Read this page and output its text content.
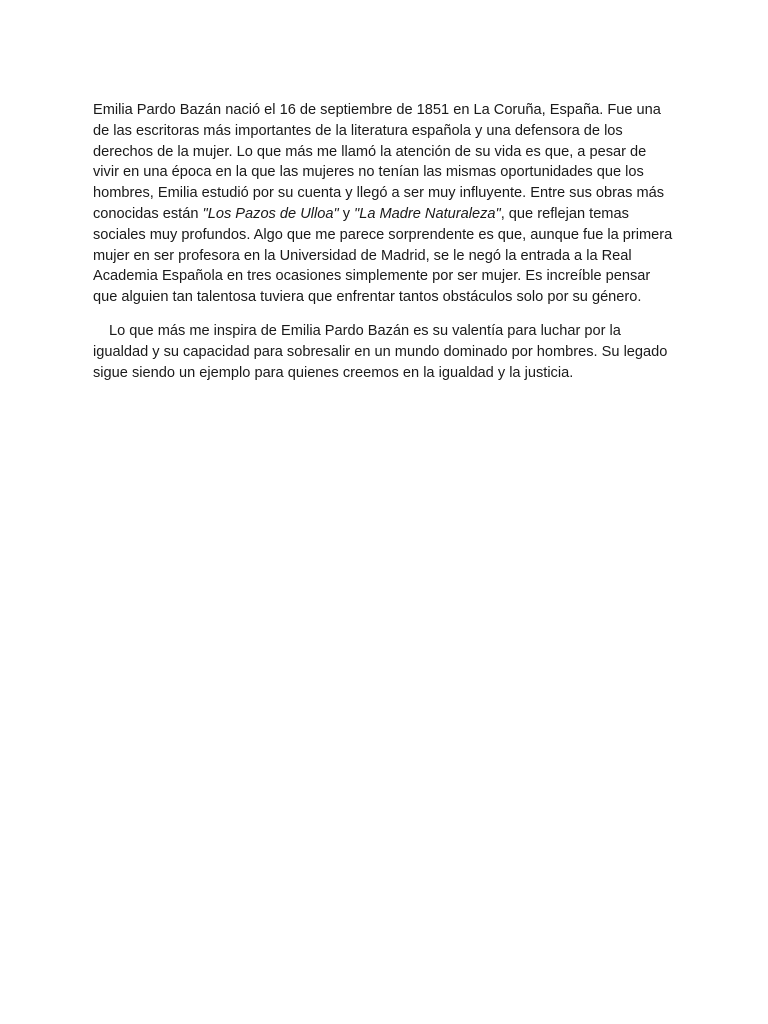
Emilia Pardo Bazán nació el 16 de septiembre de 1851 en La Coruña, España. Fue una de las escritoras más importantes de la literatura española y una defensora de los derechos de la mujer. Lo que más me llamó la atención de su vida es que, a pesar de vivir en una época en la que las mujeres no tenían las mismas oportunidades que los hombres, Emilia estudió por su cuenta y llegó a ser muy influyente. Entre sus obras más conocidas están "Los Pazos de Ulloa" y "La Madre Naturaleza", que reflejan temas sociales muy profundos. Algo que me parece sorprendente es que, aunque fue la primera mujer en ser profesora en la Universidad de Madrid, se le negó la entrada a la Real Academia Española en tres ocasiones simplemente por ser mujer. Es increíble pensar que alguien tan talentosa tuviera que enfrentar tantos obstáculos solo por su género.

Lo que más me inspira de Emilia Pardo Bazán es su valentía para luchar por la igualdad y su capacidad para sobresalir en un mundo dominado por hombres. Su legado sigue siendo un ejemplo para quienes creemos en la igualdad y la justicia.
